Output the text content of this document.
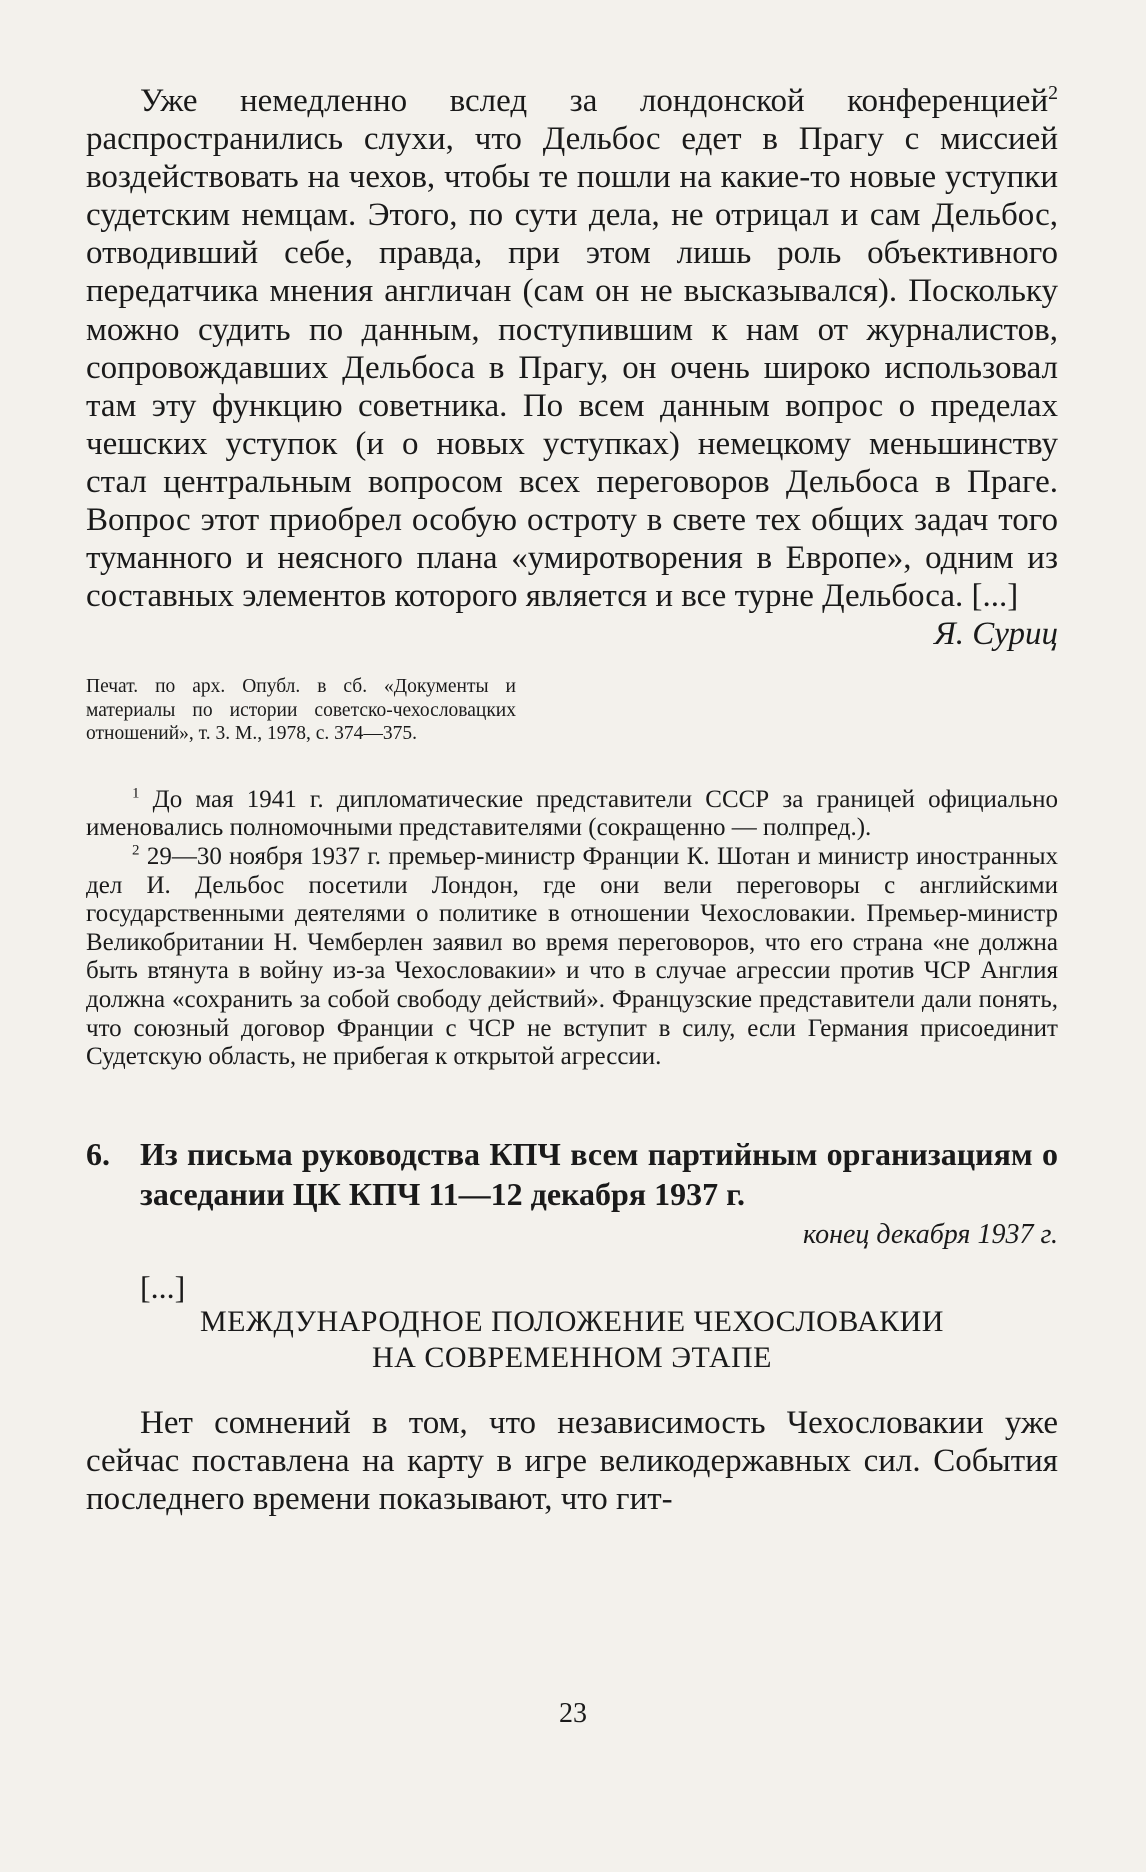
Уже немедленно вслед за лондонской конференцией$^2$ распространились слухи, что Дельбос едет в Прагу с миссией воздействовать на чехов, чтобы те пошли на какие-то новые уступки судетским немцам. Этого, по сути дела, не отрицал и сам Дельбос, отводивший себе, правда, при этом лишь роль объективного передатчика мнения англичан (сам он не высказывался). Поскольку можно судить по данным, поступившим к нам от журналистов, сопровождавших Дельбоса в Прагу, он очень широко использовал там эту функцию советника. По всем данным вопрос о пределах чешских уступок (и о новых уступках) немецкому меньшинству стал центральным вопросом всех переговоров Дельбоса в Праге. Вопрос этот приобрел особую остроту в свете тех общих задач того туманного и неясного плана «умиротворения в Европе», одним из составных элементов которого является и все турне Дельбоса. [...]

Я. Суриц
Печат. по арх. Опубл. в сб. «Документы и материалы по истории советско-чехословацких отношений», т. 3. М., 1978, с. 374—375.

$^1$ До мая 1941 г. дипломатические представители СССР за границей официально именовались полномочными представителями (сокращенно — полпред.).

$^2$ 29—30 ноября 1937 г. премьер-министр Франции К. Шотан и министр иностранных дел И. Дельбос посетили Лондон, где они вели переговоры с английскими государственными деятелями о политике в отношении Чехословакии. Премьер-министр Великобритании Н. Чемберлен заявил во время переговоров, что его страна «не должна быть втянута в войну из-за Чехословакии» и что в случае агрессии против ЧСР Англия должна «сохранить за собой свободу действий». Французские представители дали понять, что союзный договор Франции с ЧСР не вступит в силу, если Германия присоединит Судетскую область, не прибегая к открытой агрессии.

6. Из письма руководства КПЧ всем партийным организациям о заседании ЦК КПЧ 11—12 декабря 1937 г.
конец декабря 1937 г.
[...]
МЕЖДУНАРОДНОЕ ПОЛОЖЕНИЕ ЧЕХОСЛОВАКИИ
НА СОВРЕМЕННОМ ЭТАПЕ

Нет сомнений в том, что независимость Чехословакии уже сейчас поставлена на карту в игре великодержавных сил. События последнего времени показывают, что гит-

23
